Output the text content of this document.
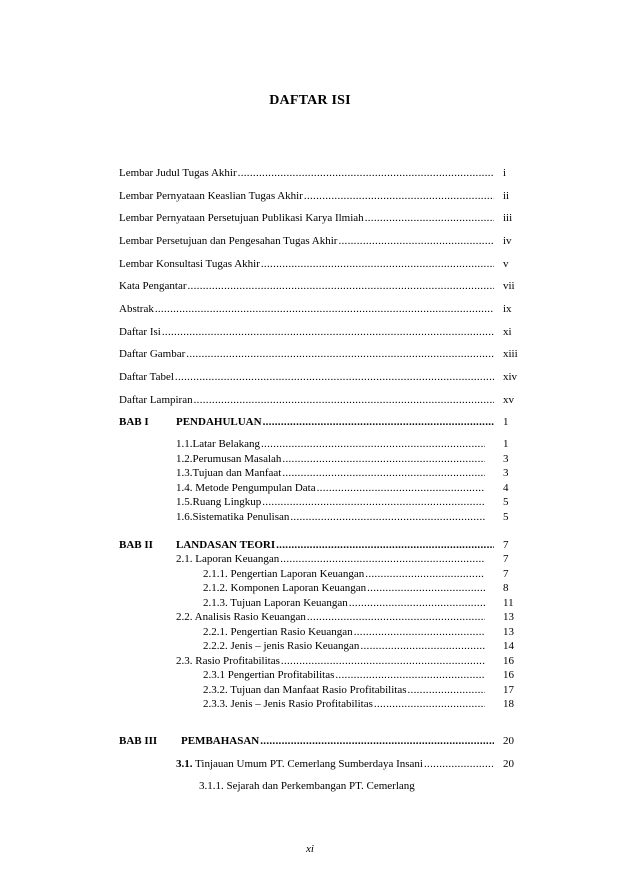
DAFTAR ISI
Lembar Judul Tugas Akhir .....	i
Lembar Pernyataan Keaslian Tugas Akhir .....	ii
Lembar Pernyataan Persetujuan Publikasi Karya Ilmiah .....	iii
Lembar Persetujuan dan Pengesahan Tugas Akhir .....	iv
Lembar Konsultasi Tugas Akhir .....	v
Kata Pengantar .....	vii
Abstrak .....	ix
Daftar Isi .....	xi
Daftar Gambar .....	xiii
Daftar Tabel .....	xiv
Daftar Lampiran .....	xv
BAB I PENDAHULUAN .....	1
1.1.Latar Belakang .....	1
1.2.Perumusan Masalah .....	3
1.3.Tujuan dan Manfaat .....	3
1.4. Metode Pengumpulan Data .....	4
1.5.Ruang Lingkup .....	5
1.6.Sistematika Penulisan .....	5
BAB II LANDASAN TEORI .....	7
2.1. Laporan Keuangan .....	7
2.1.1. Pengertian Laporan Keuangan .....	7
2.1.2. Komponen Laporan Keuangan .....	8
2.1.3. Tujuan Laporan Keuangan .....	11
2.2. Analisis Rasio Keuangan .....	13
2.2.1. Pengertian Rasio Keuangan .....	13
2.2.2. Jenis – jenis Rasio Keuangan .....	14
2.3. Rasio Profitabilitas .....	16
2.3.1 Pengertian Profitabilitas .....	16
2.3.2. Tujuan dan Manfaat Rasio Profitabilitas .....	17
2.3.3. Jenis – Jenis Rasio Profitabilitas .....	18
BAB III PEMBAHASAN .....	20
3.1. Tinjauan Umum PT. Cemerlang Sumberdaya Insani .....	20
3.1.1. Sejarah dan Perkembangan PT. Cemerlang
xi
